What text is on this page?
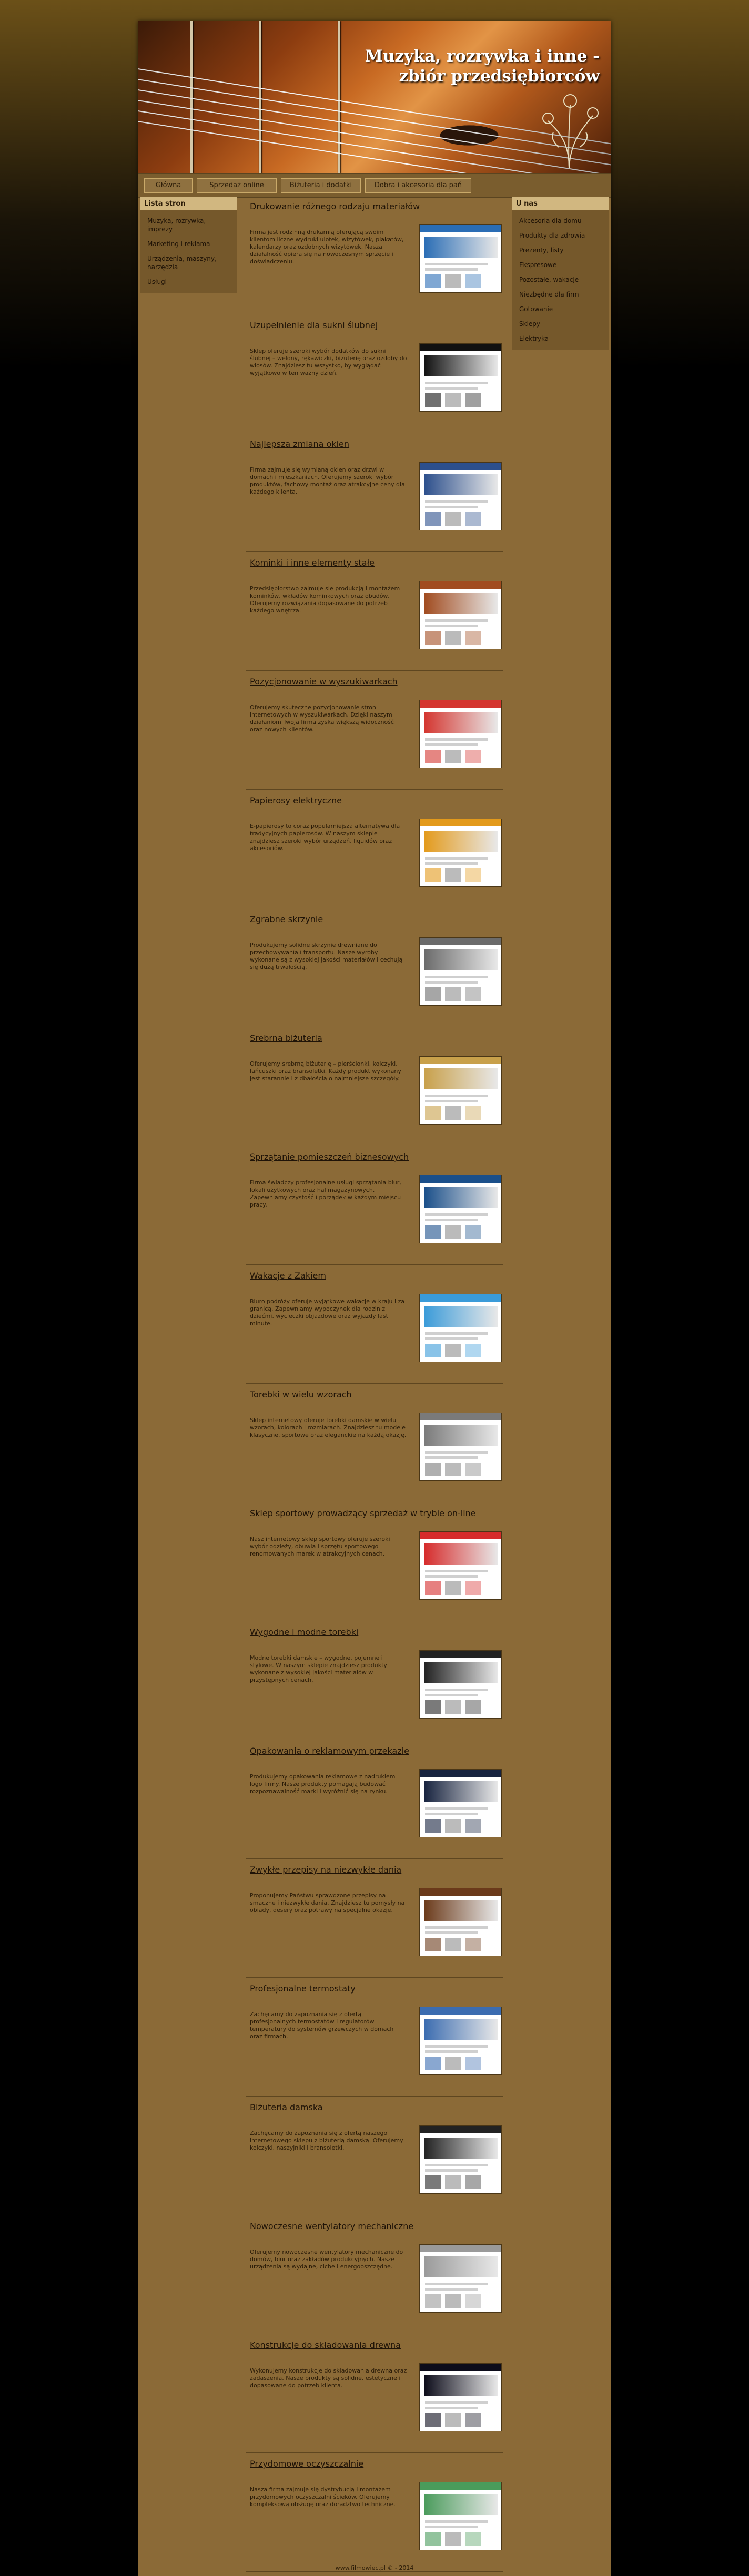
Muzyka, rozrywka i inne - zbiór przedsiębiorców
Główna	Sprzedaż online	Biżuteria i dodatki	Dobra i akcesoria dla pań
Lista stron
Muzyka, rozrywka, imprezy
Marketing i reklama
Urządzenia, maszyny, narzędzia
Usługi
U nas
Akcesoria dla domu
Produkty dla zdrowia
Prezenty, listy
Ekspresowe
Pozostałe, wakacje
Niezbędne dla firm
Gotowanie
Sklepy
Elektryka
Drukowanie różnego rodzaju materiałów

Firma jest rodzinną drukarnią oferującą swoim klientom liczne wydruki ulotek, wizytówek, plakatów, kalendarzy oraz ozdobnych wizytówek. Nasza działalność opiera się na nowoczesnym sprzęcie i doświadczeniu.

Uzupełnienie dla sukni ślubnej

Sklep oferuje szeroki wybór dodatków do sukni ślubnej – welony, rękawiczki, biżuterię oraz ozdoby do włosów. Znajdziesz tu wszystko, by wyglądać wyjątkowo w ten ważny dzień.

Najlepsza zmiana okien

Firma zajmuje się wymianą okien oraz drzwi w domach i mieszkaniach. Oferujemy szeroki wybór produktów, fachowy montaż oraz atrakcyjne ceny dla każdego klienta.

Kominki i inne elementy stałe

Przedsiębiorstwo zajmuje się produkcją i montażem kominków, wkładów kominkowych oraz obudów. Oferujemy rozwiązania dopasowane do potrzeb każdego wnętrza.

Pozycjonowanie w wyszukiwarkach

Oferujemy skuteczne pozycjonowanie stron internetowych w wyszukiwarkach. Dzięki naszym działaniom Twoja firma zyska większą widoczność oraz nowych klientów.

Papierosy elektryczne

E-papierosy to coraz popularniejsza alternatywa dla tradycyjnych papierosów. W naszym sklepie znajdziesz szeroki wybór urządzeń, liquidów oraz akcesoriów.

Zgrabne skrzynie

Produkujemy solidne skrzynie drewniane do przechowywania i transportu. Nasze wyroby wykonane są z wysokiej jakości materiałów i cechują się dużą trwałością.

Srebrna biżuteria

Oferujemy srebrną biżuterię – pierścionki, kolczyki, łańcuszki oraz bransoletki. Każdy produkt wykonany jest starannie i z dbałością o najmniejsze szczegóły.

Sprzątanie pomieszczeń biznesowych

Firma świadczy profesjonalne usługi sprzątania biur, lokali użytkowych oraz hal magazynowych. Zapewniamy czystość i porządek w każdym miejscu pracy.

Wakacje z Zakiem

Biuro podróży oferuje wyjątkowe wakacje w kraju i za granicą. Zapewniamy wypoczynek dla rodzin z dziećmi, wycieczki objazdowe oraz wyjazdy last minute.

Torebki w wielu wzorach

Sklep internetowy oferuje torebki damskie w wielu wzorach, kolorach i rozmiarach. Znajdziesz tu modele klasyczne, sportowe oraz eleganckie na każdą okazję.

Sklep sportowy prowadzący sprzedaż w trybie on-line

Nasz internetowy sklep sportowy oferuje szeroki wybór odzieży, obuwia i sprzętu sportowego renomowanych marek w atrakcyjnych cenach.

Wygodne i modne torebki

Modne torebki damskie – wygodne, pojemne i stylowe. W naszym sklepie znajdziesz produkty wykonane z wysokiej jakości materiałów w przystępnych cenach.

Opakowania o reklamowym przekazie

Produkujemy opakowania reklamowe z nadrukiem logo firmy. Nasze produkty pomagają budować rozpoznawalność marki i wyróżnić się na rynku.

Zwykłe przepisy na niezwykłe dania

Proponujemy Państwu sprawdzone przepisy na smaczne i niezwykłe dania. Znajdziesz tu pomysły na obiady, desery oraz potrawy na specjalne okazje.

Profesjonalne termostaty

Zachęcamy do zapoznania się z ofertą profesjonalnych termostatów i regulatorów temperatury do systemów grzewczych w domach oraz firmach.

Biżuteria damska

Zachęcamy do zapoznania się z ofertą naszego internetowego sklepu z biżuterią damską. Oferujemy kolczyki, naszyjniki i bransoletki.

Nowoczesne wentylatory mechaniczne

Oferujemy nowoczesne wentylatory mechaniczne do domów, biur oraz zakładów produkcyjnych. Nasze urządzenia są wydajne, ciche i energooszczędne.

Konstrukcje do składowania drewna

Wykonujemy konstrukcje do składowania drewna oraz zadaszenia. Nasze produkty są solidne, estetyczne i dopasowane do potrzeb klienta.

Przydomowe oczyszczalnie

Nasza firma zajmuje się dystrybucją i montażem przydomowych oczyszczalni ścieków. Oferujemy kompleksową obsługę oraz doradztwo techniczne.

www.filmowiec.pl © - 2014
